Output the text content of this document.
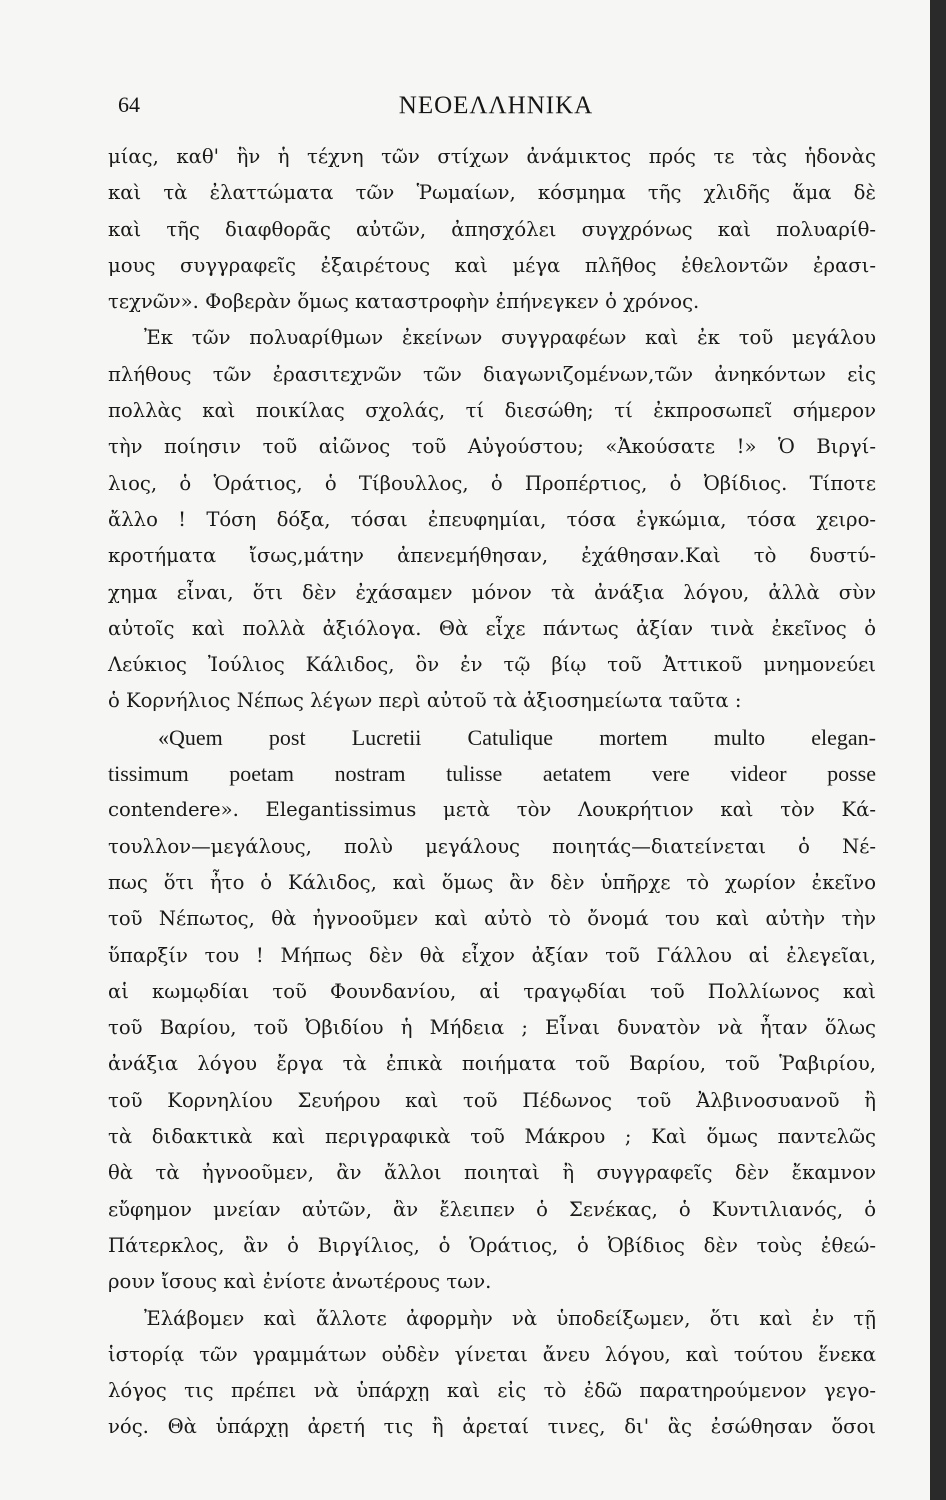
64	ΝΕΟΕΛΛΗΝΙΚΑ
μίας, καθ' ἣν ἡ τέχνη τῶν στίχων ἀνάμικτος πρός τε τὰς ἡδονὰς
καὶ τὰ ἐλαττώματα τῶν Ῥωμαίων, κόσμημα τῆς χλιδῆς ἅμα δὲ
καὶ τῆς διαφθορᾶς αὐτῶν, ἀπησχόλει συγχρόνως καὶ πολυαρίθ-
μους συγγραφεῖς ἐξαιρέτους καὶ μέγα πλῆθος ἐθελοντῶν ἐρασι-
τεχνῶν». Φοβερὰν ὅμως καταστροφὴν ἐπήνεγκεν ὁ χρόνος.
Ἐκ τῶν πολυαρίθμων ἐκείνων συγγραφέων καὶ ἐκ τοῦ μεγάλου
πλήθους τῶν ἐρασιτεχνῶν τῶν διαγωνιζομένων,τῶν ἀνηκόντων εἰς
πολλὰς καὶ ποικίλας σχολάς, τί διεσώθη; τί ἐκπροσωπεῖ σήμερον
τὴν ποίησιν τοῦ αἰῶνος τοῦ Αὐγούστου; «Ἀκούσατε !» Ὁ Βιργί-
λιος, ὁ Ὁράτιος, ὁ Τίβουλλος, ὁ Προπέρτιος, ὁ Ὀβίδιος. Τίποτε
ἄλλο ! Τόση δόξα, τόσαι ἐπευφημίαι, τόσα ἐγκώμια, τόσα χειρο-
κροτήματα ἴσως,μάτην ἀπενεμήθησαν, ἐχάθησαν.Καὶ τὸ δυστύ-
χημα εἶναι, ὅτι δὲν ἐχάσαμεν μόνον τὰ ἀνάξια λόγου, ἀλλὰ σὺν
αὐτοῖς καὶ πολλὰ ἀξιόλογα. Θὰ εἶχε πάντως ἀξίαν τινὰ ἐκεῖνος ὁ
Λεύκιος Ἰούλιος Κάλιδος, ὃν ἐν τῷ βίῳ τοῦ Ἀττικοῦ μνημονεύει
ὁ Κορνήλιος Νέπως λέγων περὶ αὐτοῦ τὰ ἀξιοσημείωτα ταῦτα :
«Quem post Lucretii Catulique mortem multo elegan-
tissimum poetam nostram tulisse aetatem vere videor posse
contendere». Elegantissimus μετὰ τὸν Λουκρήτιον καὶ τὸν Κά-
τουλλον—μεγάλους, πολὺ μεγάλους ποιητάς—διατείνεται ὁ Νέ-
πως ὅτι ἦτο ὁ Κάλιδος, καὶ ὅμως ἂν δὲν ὑπῆρχε τὸ χωρίον ἐκεῖνο
τοῦ Νέπωτος, θὰ ἠγνοοῦμεν καὶ αὐτὸ τὸ ὄνομά του καὶ αὐτὴν τὴν
ὕπαρξίν του ! Μήπως δὲν θὰ εἶχον ἀξίαν τοῦ Γάλλου αἱ ἐλεγεῖαι,
αἱ κωμῳδίαι τοῦ Φουνδανίου, αἱ τραγῳδίαι τοῦ Πολλίωνος καὶ
τοῦ Βαρίου, τοῦ Ὀβιδίου ἡ Μήδεια ; Εἶναι δυνατὸν νὰ ἦταν ὅλως
ἀνάξια λόγου ἔργα τὰ ἐπικὰ ποιήματα τοῦ Βαρίου, τοῦ Ῥαβιρίου,
τοῦ Κορνηλίου Σευήρου καὶ τοῦ Πέδωνος τοῦ Ἀλβινοσυανοῦ ἢ
τὰ διδακτικὰ καὶ περιγραφικὰ τοῦ Μάκρου ; Καὶ ὅμως παντελῶς
θὰ τὰ ἠγνοοῦμεν, ἂν ἄλλοι ποιηταὶ ἢ συγγραφεῖς δὲν ἔκαμνον
εὔφημον μνείαν αὐτῶν, ἂν ἔλειπεν ὁ Σενέκας, ὁ Κυντιλιανός, ὁ
Πάτερκλος, ἂν ὁ Βιργίλιος, ὁ Ὁράτιος, ὁ Ὀβίδιος δὲν τοὺς ἐθεώ-
ρουν ἴσους καὶ ἐνίοτε ἀνωτέρους των.
Ἐλάβομεν καὶ ἄλλοτε ἀφορμὴν νὰ ὑποδείξωμεν, ὅτι καὶ ἐν τῇ
ἱστορίᾳ τῶν γραμμάτων οὐδὲν γίνεται ἄνευ λόγου, καὶ τούτου ἕνεκα
λόγος τις πρέπει νὰ ὑπάρχῃ καὶ εἰς τὸ ἐδῶ παρατηρούμενον γεγο-
νός. Θὰ ὑπάρχῃ ἀρετή τις ἢ ἀρεταί τινες, δι' ἃς ἐσώθησαν ὅσοι
